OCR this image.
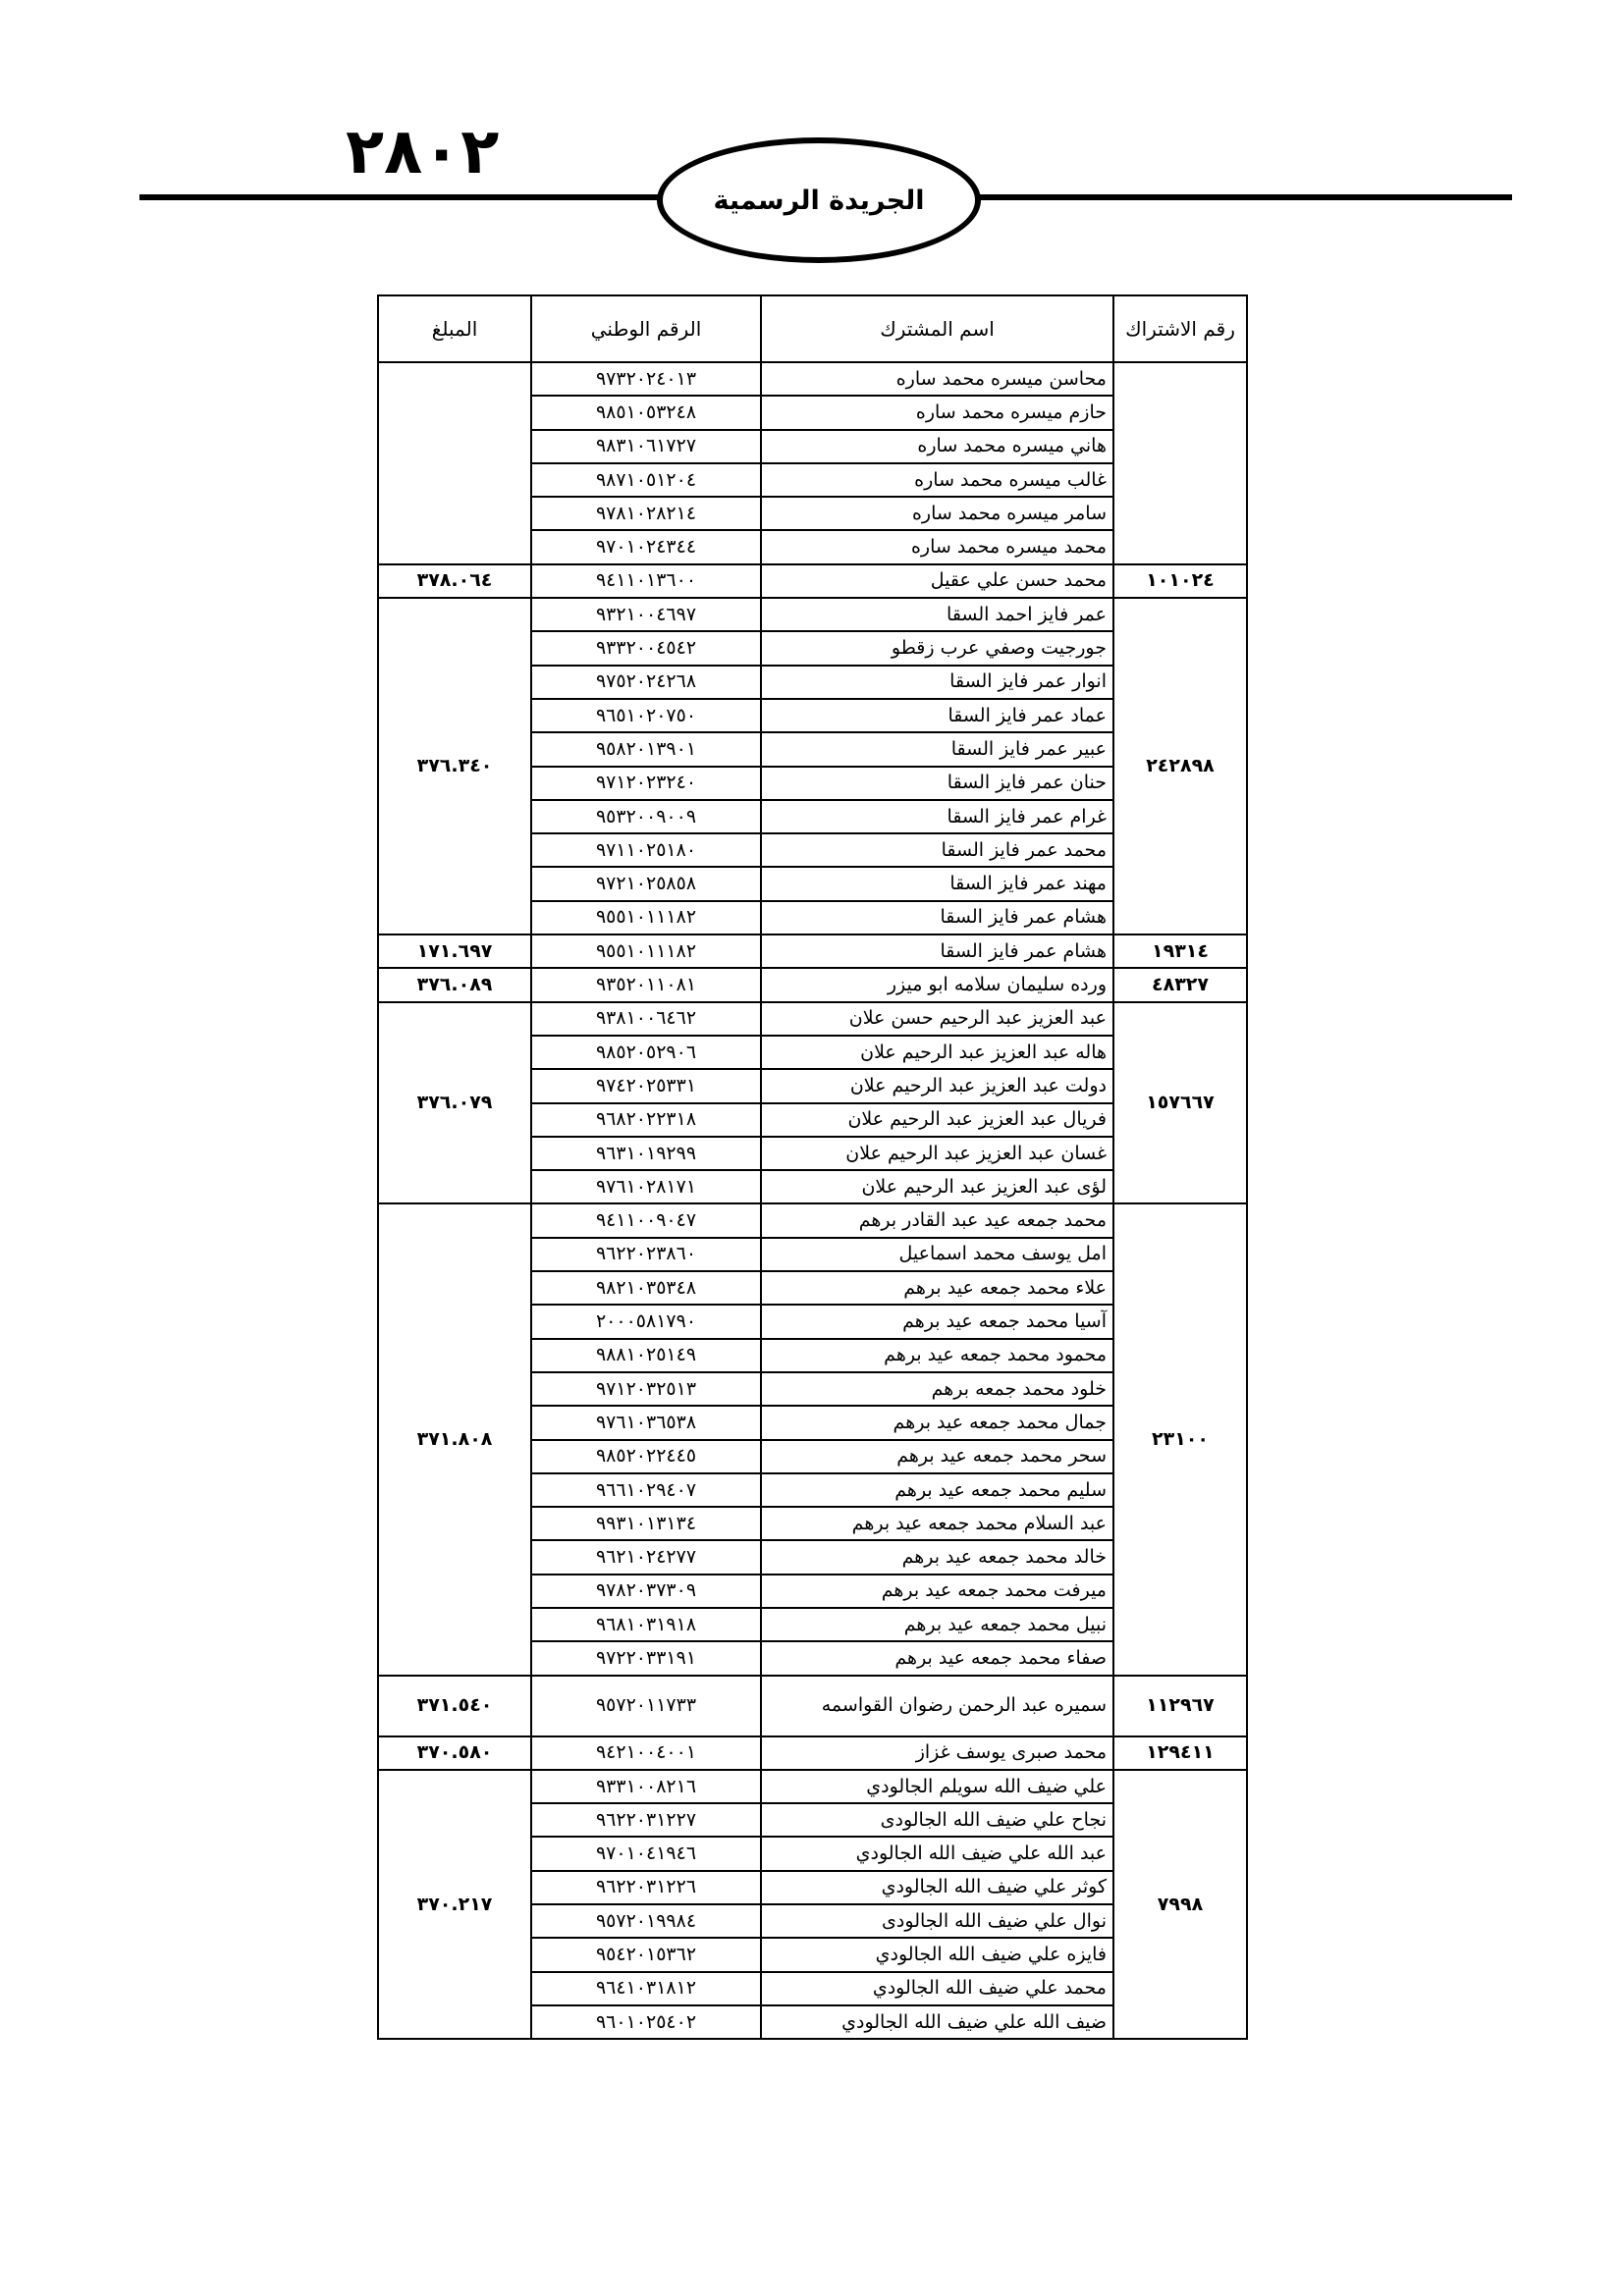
٢٨٠٢
الجريدة الرسمية
رقم الاشتراك	اسم المشترك	الرقم الوطني	المبلغ
	محاسن ميسره محمد ساره	٩٧٣٢٠٢٤٠١٣	
	حازم ميسره محمد ساره	٩٨٥١٠٥٣٢٤٨	
	هاني ميسره محمد ساره	٩٨٣١٠٦١٧٢٧	
	غالب ميسره محمد ساره	٩٨٧١٠٥١٢٠٤	
	سامر ميسره محمد ساره	٩٧٨١٠٢٨٢١٤	
	محمد ميسره محمد ساره	٩٧٠١٠٢٤٣٤٤	
١٠١٠٢٤	محمد حسن علي عقيل	٩٤١١٠١٣٦٠٠	٣٧٨.٠٦٤
٢٤٢٨٩٨	عمر فايز احمد السقا	٩٣٢١٠٠٤٦٩٧	٣٧٦.٣٤٠
	جورجيت وصفي عرب زقطو	٩٣٣٢٠٠٤٥٤٢	
	انوار عمر فايز السقا	٩٧٥٢٠٢٤٢٦٨	
	عماد عمر فايز السقا	٩٦٥١٠٢٠٧٥٠	
	عبير عمر فايز السقا	٩٥٨٢٠١٣٩٠١	
	حنان عمر فايز السقا	٩٧١٢٠٢٣٢٤٠	
	غرام عمر فايز السقا	٩٥٣٢٠٠٩٠٠٩	
	محمد عمر فايز السقا	٩٧١١٠٢٥١٨٠	
	مهند عمر فايز السقا	٩٧٢١٠٢٥٨٥٨	
	هشام عمر فايز السقا	٩٥٥١٠١١١٨٢	
١٩٣١٤	هشام عمر فايز السقا	٩٥٥١٠١١١٨٢	١٧١.٦٩٧
٤٨٣٢٧	ورده سليمان سلامه ابو ميزر	٩٣٥٢٠١١٠٨١	٣٧٦.٠٨٩
١٥٧٦٦٧	عبد العزيز عبد الرحيم حسن علان	٩٣٨١٠٠٦٤٦٢	٣٧٦.٠٧٩
	هاله عبد العزيز عبد الرحيم علان	٩٨٥٢٠٥٢٩٠٦	
	دولت عبد العزيز عبد الرحيم علان	٩٧٤٢٠٢٥٣٣١	
	فريال عبد العزيز عبد الرحيم علان	٩٦٨٢٠٢٢٣١٨	
	غسان عبد العزيز عبد الرحيم علان	٩٦٣١٠١٩٢٩٩	
	لؤى عبد العزيز عبد الرحيم علان	٩٧٦١٠٢٨١٧١	
٢٣١٠٠	محمد جمعه عيد عبد القادر برهم	٩٤١١٠٠٩٠٤٧	٣٧١.٨٠٨
	امل يوسف محمد اسماعيل	٩٦٢٢٠٢٣٨٦٠	
	علاء محمد جمعه عيد برهم	٩٨٢١٠٣٥٣٤٨	
	آسيا محمد جمعه عيد برهم	٢٠٠٠٥٨١٧٩٠	
	محمود محمد جمعه عيد برهم	٩٨٨١٠٢٥١٤٩	
	خلود محمد جمعه برهم	٩٧١٢٠٣٢٥١٣	
	جمال محمد جمعه عيد برهم	٩٧٦١٠٣٦٥٣٨	
	سحر محمد جمعه عيد برهم	٩٨٥٢٠٢٢٤٤٥	
	سليم محمد جمعه عيد برهم	٩٦٦١٠٢٩٤٠٧	
	عبد السلام محمد جمعه عيد برهم	٩٩٣١٠١٣١٣٤	
	خالد محمد جمعه عيد برهم	٩٦٢١٠٢٤٢٧٧	
	ميرفت محمد جمعه عيد برهم	٩٧٨٢٠٣٧٣٠٩	
	نبيل محمد جمعه عيد برهم	٩٦٨١٠٣١٩١٨	
	صفاء محمد جمعه عيد برهم	٩٧٢٢٠٣٣١٩١	
١١٢٩٦٧	سميره عبد الرحمن رضوان القواسمه	٩٥٧٢٠١١٧٣٣	٣٧١.٥٤٠
١٢٩٤١١	محمد صبرى يوسف غزاز	٩٤٢١٠٠٤٠٠١	٣٧٠.٥٨٠
٧٩٩٨	علي ضيف الله سويلم الجالودي	٩٣٣١٠٠٨٢١٦	٣٧٠.٢١٧
	نجاح علي ضيف الله الجالودى	٩٦٢٢٠٣١٢٢٧	
	عبد الله علي ضيف الله الجالودي	٩٧٠١٠٤١٩٤٦	
	كوثر علي ضيف الله الجالودي	٩٦٢٢٠٣١٢٢٦	
	نوال علي ضيف الله الجالودى	٩٥٧٢٠١٩٩٨٤	
	فايزه علي ضيف الله الجالودي	٩٥٤٢٠١٥٣٦٢	
	محمد علي ضيف الله الجالودي	٩٦٤١٠٣١٨١٢	
	ضيف الله علي ضيف الله الجالودي	٩٦٠١٠٢٥٤٠٢	
